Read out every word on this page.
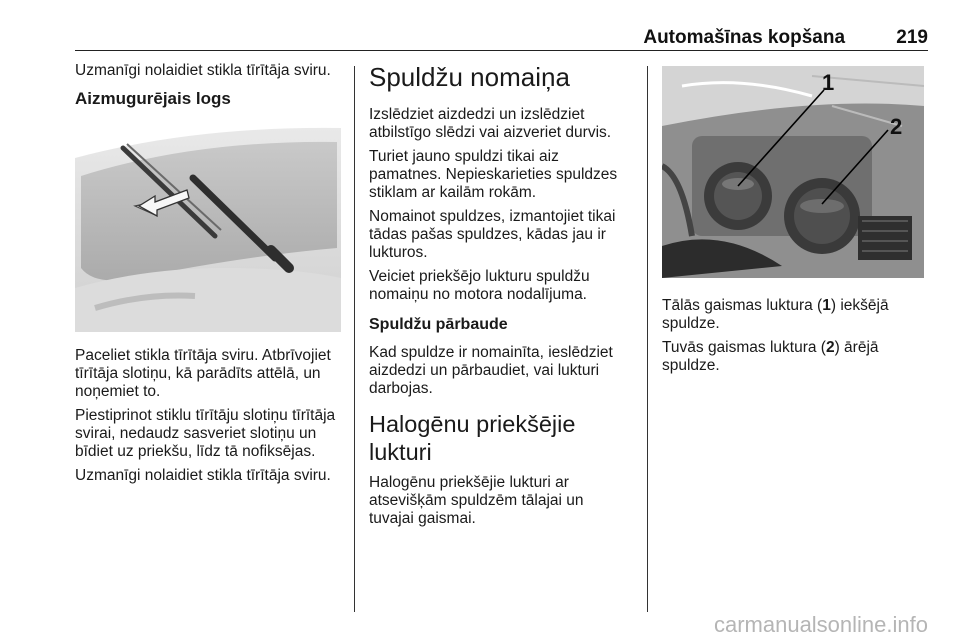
Automašīnas kopšana	219

Uzmanīgi nolaidiet stikla tīrītāja sviru.

Aizmugurējais logs

Paceliet stikla tīrītāja sviru. Atbrīvojiet tīrītāja slotiņu, kā parādīts attēlā, un noņemiet to.

Piestiprinot stiklu tīrītāju slotiņu tīrītāja svirai, nedaudz sasveriet slotiņu un bīdiet uz priekšu, līdz tā nofiksējas.

Uzmanīgi nolaidiet stikla tīrītāja sviru.

Spuldžu nomaiņa

Izslēdziet aizdedzi un izslēdziet atbilstīgo slēdzi vai aizveriet durvis.

Turiet jauno spuldzi tikai aiz pamatnes. Nepieskarieties spuldzes stiklam ar kailām rokām.

Nomainot spuldzes, izmantojiet tikai tādas pašas spuldzes, kādas jau ir lukturos.

Veiciet priekšējo lukturu spuldžu nomaiņu no motora nodalījuma.

Spuldžu pārbaude

Kad spuldze ir nomainīta, ieslēdziet aizdedzi un pārbaudiet, vai lukturi darbojas.

Halogēnu priekšējie lukturi

Halogēnu priekšējie lukturi ar atsevišķām spuldzēm tālajai un tuvajai gaismai.

1
2

Tālās gaismas luktura (1) iekšējā spuldze.

Tuvās gaismas luktura (2) ārējā spuldze.

carmanualsonline.info
